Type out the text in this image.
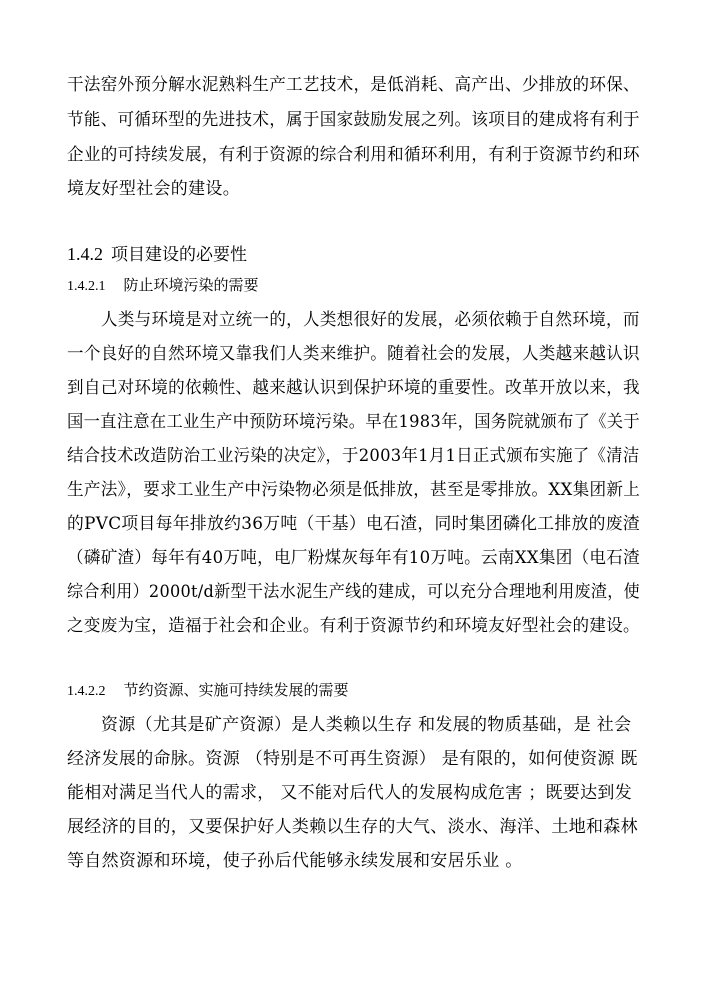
干法窑外预分解水泥熟料生产工艺技术，是低消耗、高产出、少排放的环保、
节能、可循环型的先进技术，属于国家鼓励发展之列。该项目的建成将有利于
企业的可持续发展，有利于资源的综合利用和循环利用，有利于资源节约和环
境友好型社会的建设。
1.4.2 项目建设的必要性
1.4.2.1 防止环境污染的需要
人类与环境是对立统一的，人类想很好的发展，必须依赖于自然环境，而
一个良好的自然环境又靠我们人类来维护。随着社会的发展，人类越来越认识
到自己对环境的依赖性、越来越认识到保护环境的重要性。改革开放以来，我
国一直注意在工业生产中预防环境污染。早在1983年，国务院就颁布了《关于
结合技术改造防治工业污染的决定》，于2003年1月1日正式颁布实施了《清洁
生产法》，要求工业生产中污染物必须是低排放，甚至是零排放。XX集团新上
的PVC项目每年排放约36万吨（干基）电石渣，同时集团磷化工排放的废渣
（磷矿渣）每年有40万吨，电厂粉煤灰每年有10万吨。云南XX集团（电石渣
综合利用）2000t/d新型干法水泥生产线的建成，可以充分合理地利用废渣，使
之变废为宝，造福于社会和企业。有利于资源节约和环境友好型社会的建设。
1.4.2.2 节约资源、实施可持续发展的需要
资源（尤其是矿产资源）是人类赖以生存 和发展的物质基础，是 社会
经济发展的命脉。资源 （特别是不可再生资源） 是有限的，如何使资源 既
能相对满足当代人的需求， 又不能对后代人的发展构成危害 ；既要达到发
展经济的目的，又要保护好人类赖以生存的大气、淡水、海洋、土地和森林
等自然资源和环境，使子孙后代能够永续发展和安居乐业 。
